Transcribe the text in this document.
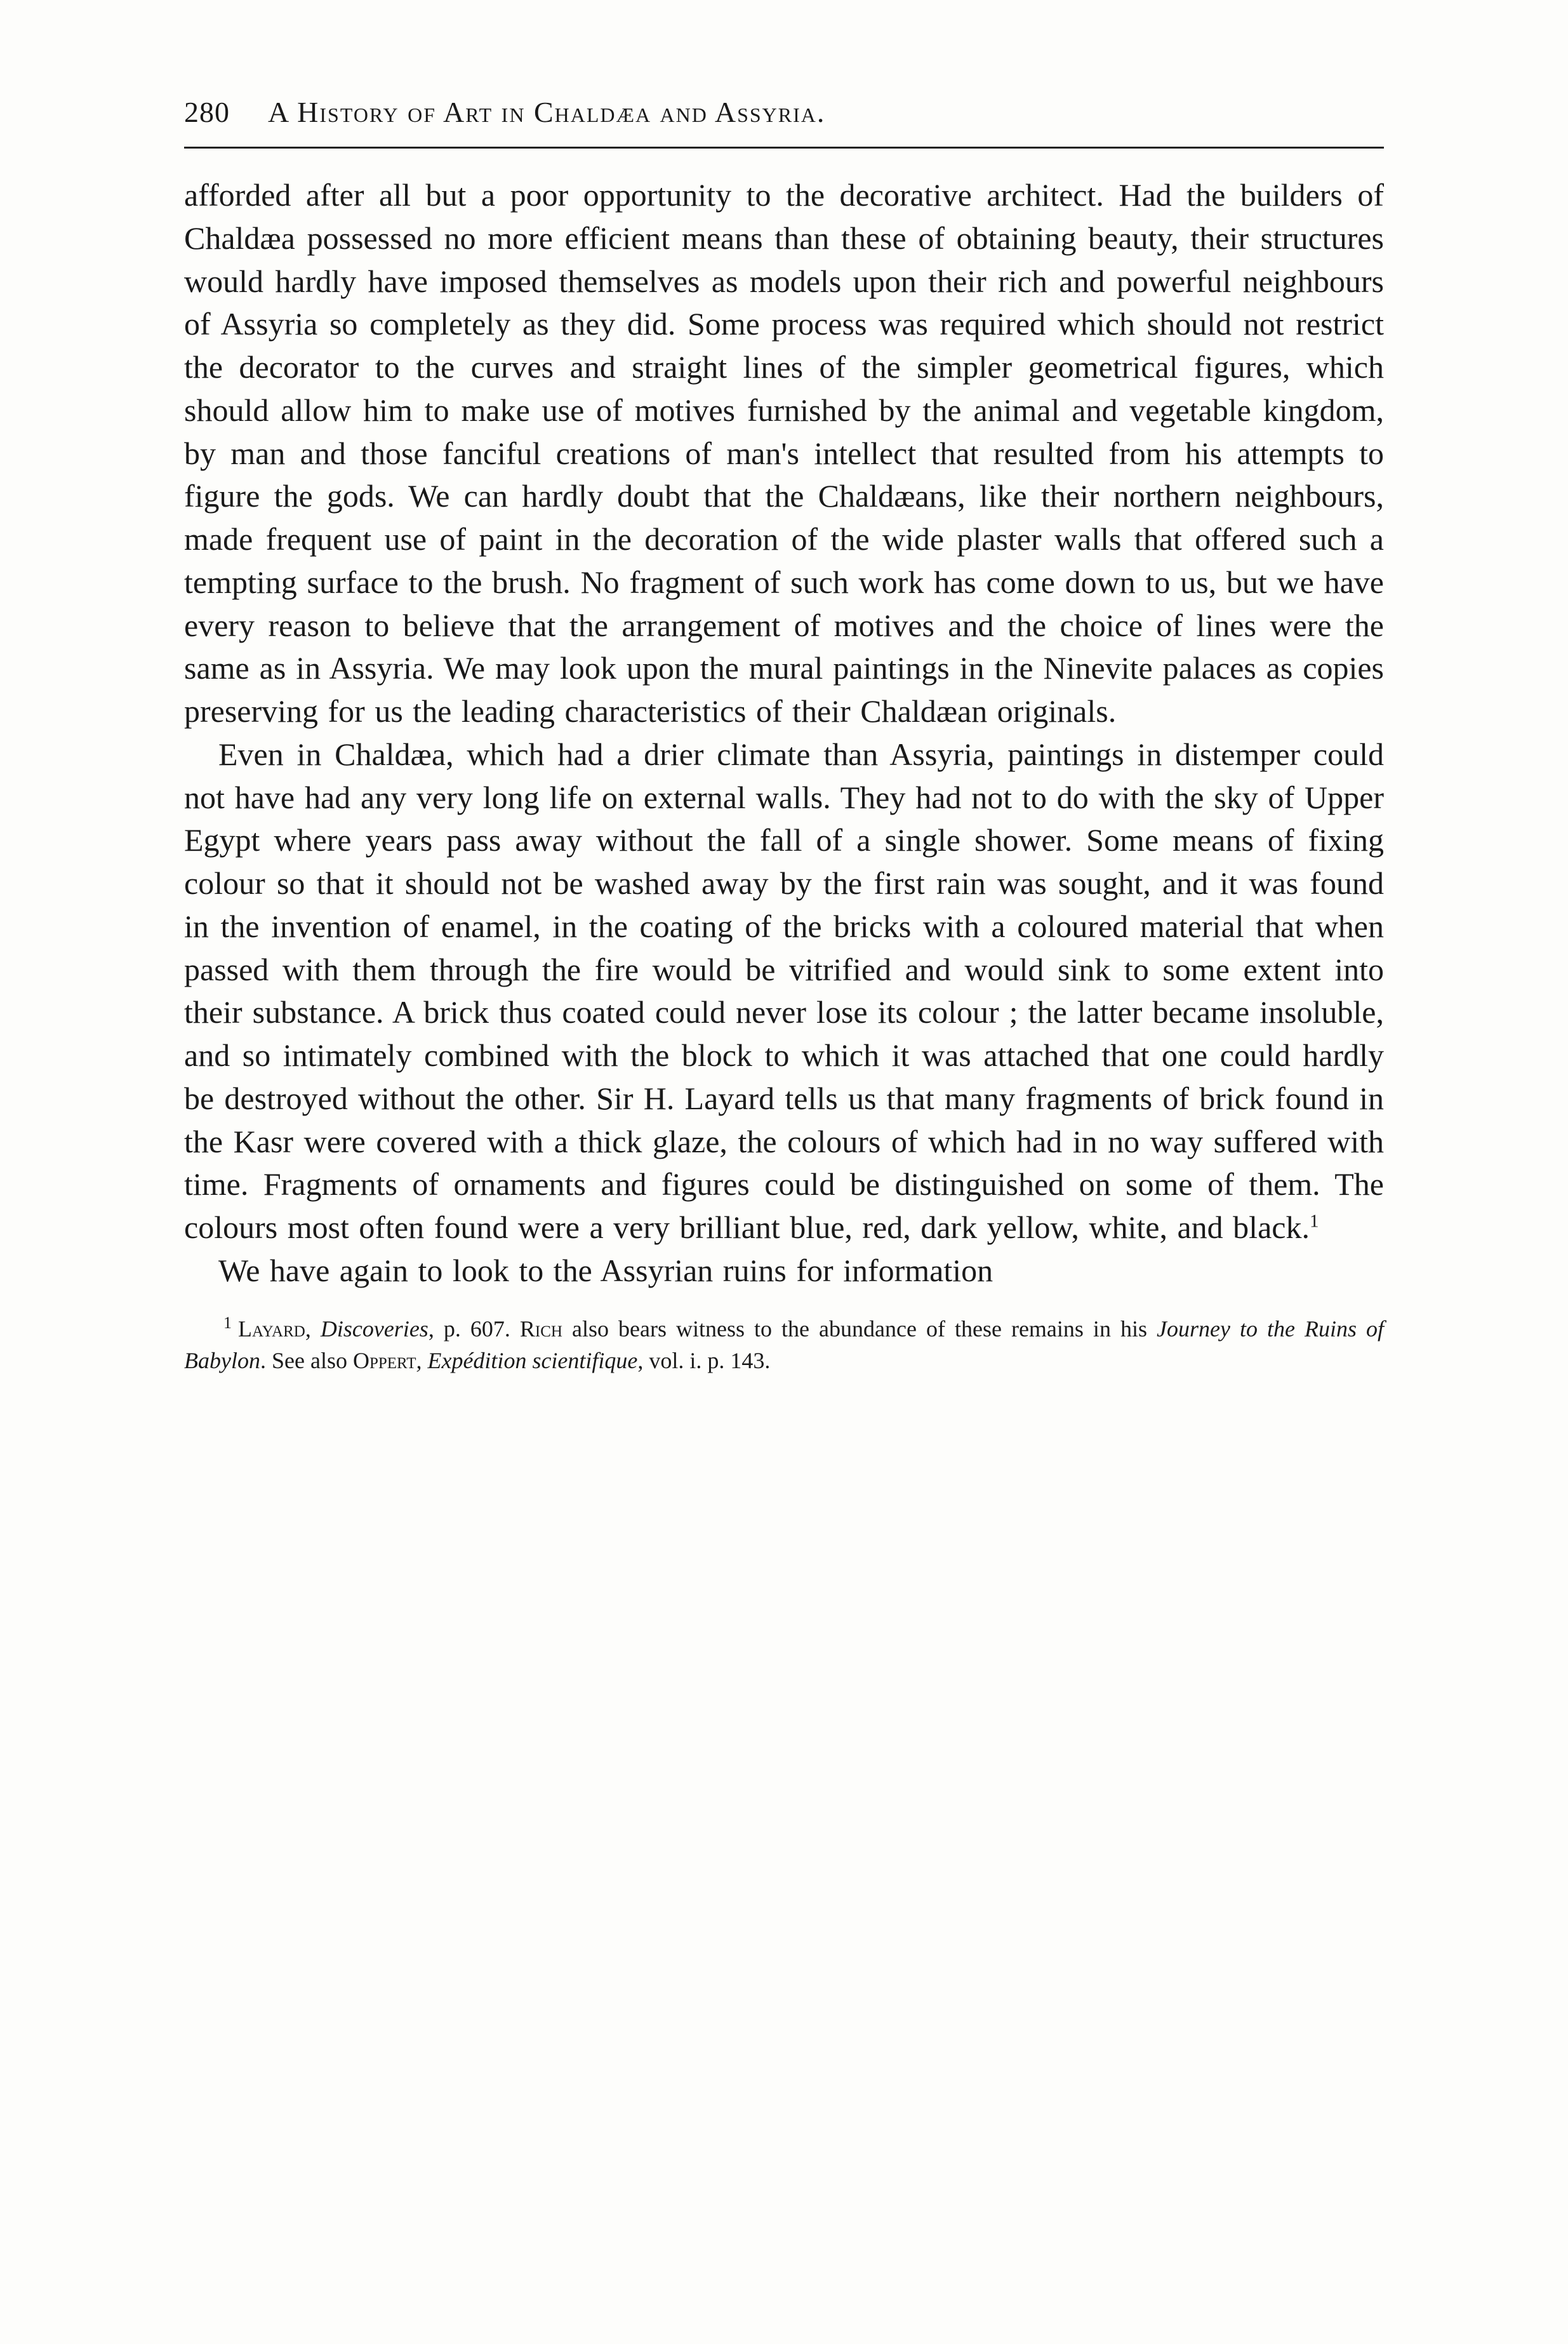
280 A History of Art in Chaldæa and Assyria.

afforded after all but a poor opportunity to the decorative architect. Had the builders of Chaldæa possessed no more efficient means than these of obtaining beauty, their structures would hardly have imposed themselves as models upon their rich and powerful neighbours of Assyria so completely as they did. Some process was required which should not restrict the decorator to the curves and straight lines of the simpler geometrical figures, which should allow him to make use of motives furnished by the animal and vegetable kingdom, by man and those fanciful creations of man's intellect that resulted from his attempts to figure the gods. We can hardly doubt that the Chaldæans, like their northern neighbours, made frequent use of paint in the decoration of the wide plaster walls that offered such a tempting surface to the brush. No fragment of such work has come down to us, but we have every reason to believe that the arrangement of motives and the choice of lines were the same as in Assyria. We may look upon the mural paintings in the Ninevite palaces as copies preserving for us the leading characteristics of their Chaldæan originals.

Even in Chaldæa, which had a drier climate than Assyria, paintings in distemper could not have had any very long life on external walls. They had not to do with the sky of Upper Egypt where years pass away without the fall of a single shower. Some means of fixing colour so that it should not be washed away by the first rain was sought, and it was found in the invention of enamel, in the coating of the bricks with a coloured material that when passed with them through the fire would be vitrified and would sink to some extent into their substance. A brick thus coated could never lose its colour ; the latter became insoluble, and so intimately combined with the block to which it was attached that one could hardly be destroyed without the other. Sir H. Layard tells us that many fragments of brick found in the Kasr were covered with a thick glaze, the colours of which had in no way suffered with time. Fragments of ornaments and figures could be distinguished on some of them. The colours most often found were a very brilliant blue, red, dark yellow, white, and black.$^1$

We have again to look to the Assyrian ruins for information

$^1$ Layard, Discoveries, p. 607. Rich also bears witness to the abundance of these remains in his Journey to the Ruins of Babylon. See also Oppert, Expédition scientifique, vol. i. p. 143.
